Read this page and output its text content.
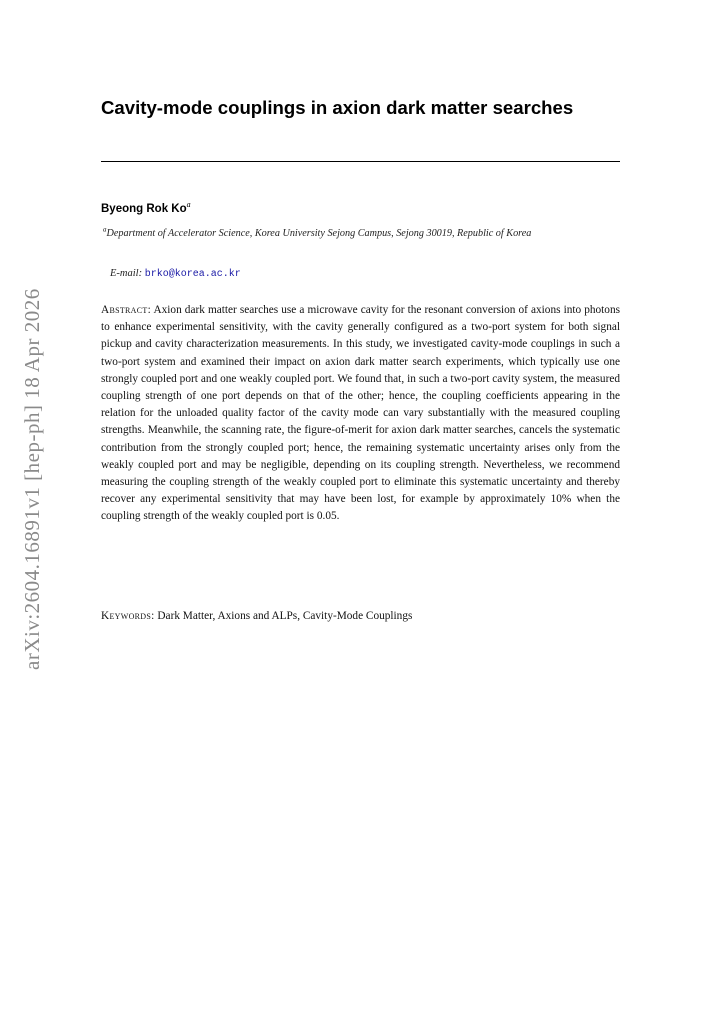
arXiv:2604.16891v1 [hep-ph] 18 Apr 2026
Cavity-mode couplings in axion dark matter searches
Byeong Rok Ko$^a$
$^a$Department of Accelerator Science, Korea University Sejong Campus, Sejong 30019, Republic of Korea
E-mail: brko@korea.ac.kr
Abstract: Axion dark matter searches use a microwave cavity for the resonant conversion of axions into photons to enhance experimental sensitivity, with the cavity generally configured as a two-port system for both signal pickup and cavity characterization measurements. In this study, we investigated cavity-mode couplings in such a two-port system and examined their impact on axion dark matter search experiments, which typically use one strongly coupled port and one weakly coupled port. We found that, in such a two-port cavity system, the measured coupling strength of one port depends on that of the other; hence, the coupling coefficients appearing in the relation for the unloaded quality factor of the cavity mode can vary substantially with the measured coupling strengths. Meanwhile, the scanning rate, the figure-of-merit for axion dark matter searches, cancels the systematic contribution from the strongly coupled port; hence, the remaining systematic uncertainty arises only from the weakly coupled port and may be negligible, depending on its coupling strength. Nevertheless, we recommend measuring the coupling strength of the weakly coupled port to eliminate this systematic uncertainty and thereby recover any experimental sensitivity that may have been lost, for example by approximately 10% when the coupling strength of the weakly coupled port is 0.05.
Keywords: Dark Matter, Axions and ALPs, Cavity-Mode Couplings
